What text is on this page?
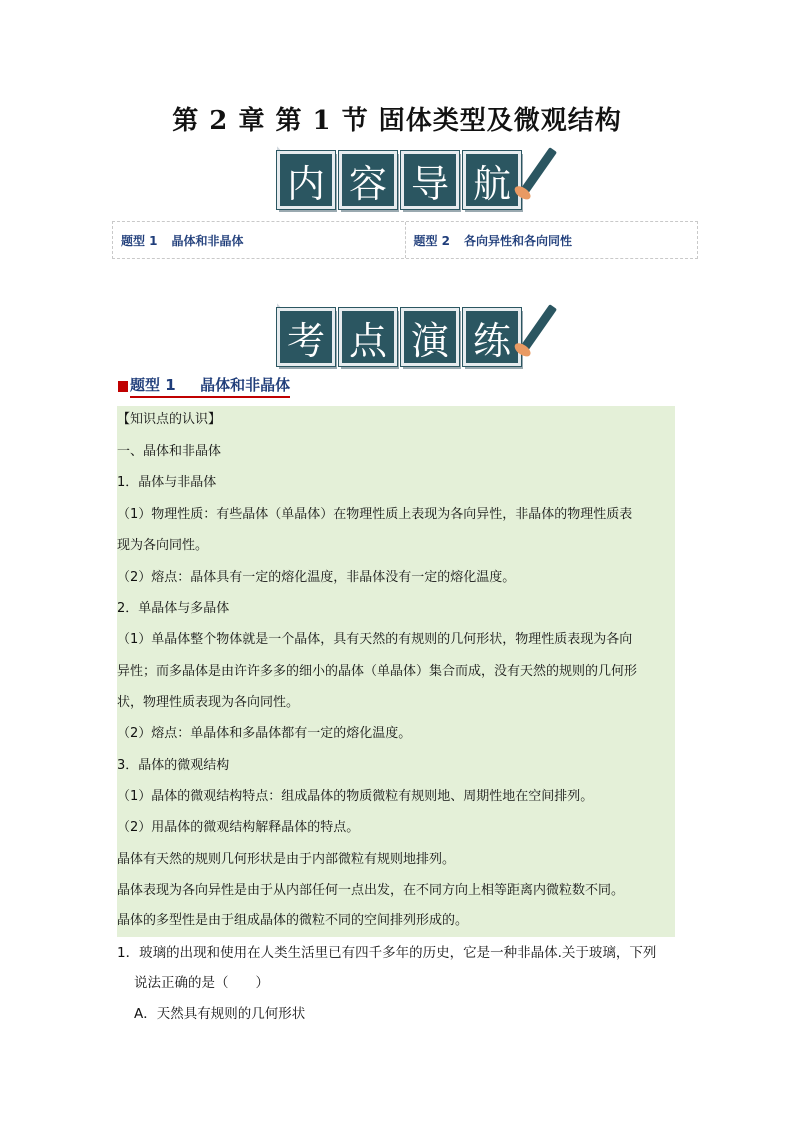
第 2 章 第 1 节 固体类型及微观结构
内 容 导 航
题型 1 晶体和非晶体	题型 2 各向异性和各向同性
考 点 演 练
题型 1 晶体和非晶体
【知识点的认识】
一、晶体和非晶体
1．晶体与非晶体
（1）物理性质：有些晶体（单晶体）在物理性质上表现为各向异性，非晶体的物理性质表
现为各向同性。
（2）熔点：晶体具有一定的熔化温度，非晶体没有一定的熔化温度。
2．单晶体与多晶体
（1）单晶体整个物体就是一个晶体，具有天然的有规则的几何形状，物理性质表现为各向
异性；而多晶体是由许许多多的细小的晶体（单晶体）集合而成，没有天然的规则的几何形
状，物理性质表现为各向同性。
（2）熔点：单晶体和多晶体都有一定的熔化温度。
3．晶体的微观结构
（1）晶体的微观结构特点：组成晶体的物质微粒有规则地、周期性地在空间排列。
（2）用晶体的微观结构解释晶体的特点。
晶体有天然的规则几何形状是由于内部微粒有规则地排列。
晶体表现为各向异性是由于从内部任何一点出发，在不同方向上相等距离内微粒数不同。
晶体的多型性是由于组成晶体的微粒不同的空间排列形成的。
1．玻璃的出现和使用在人类生活里已有四千多年的历史，它是一种非晶体.关于玻璃，下列
说法正确的是（　　）
A．天然具有规则的几何形状
